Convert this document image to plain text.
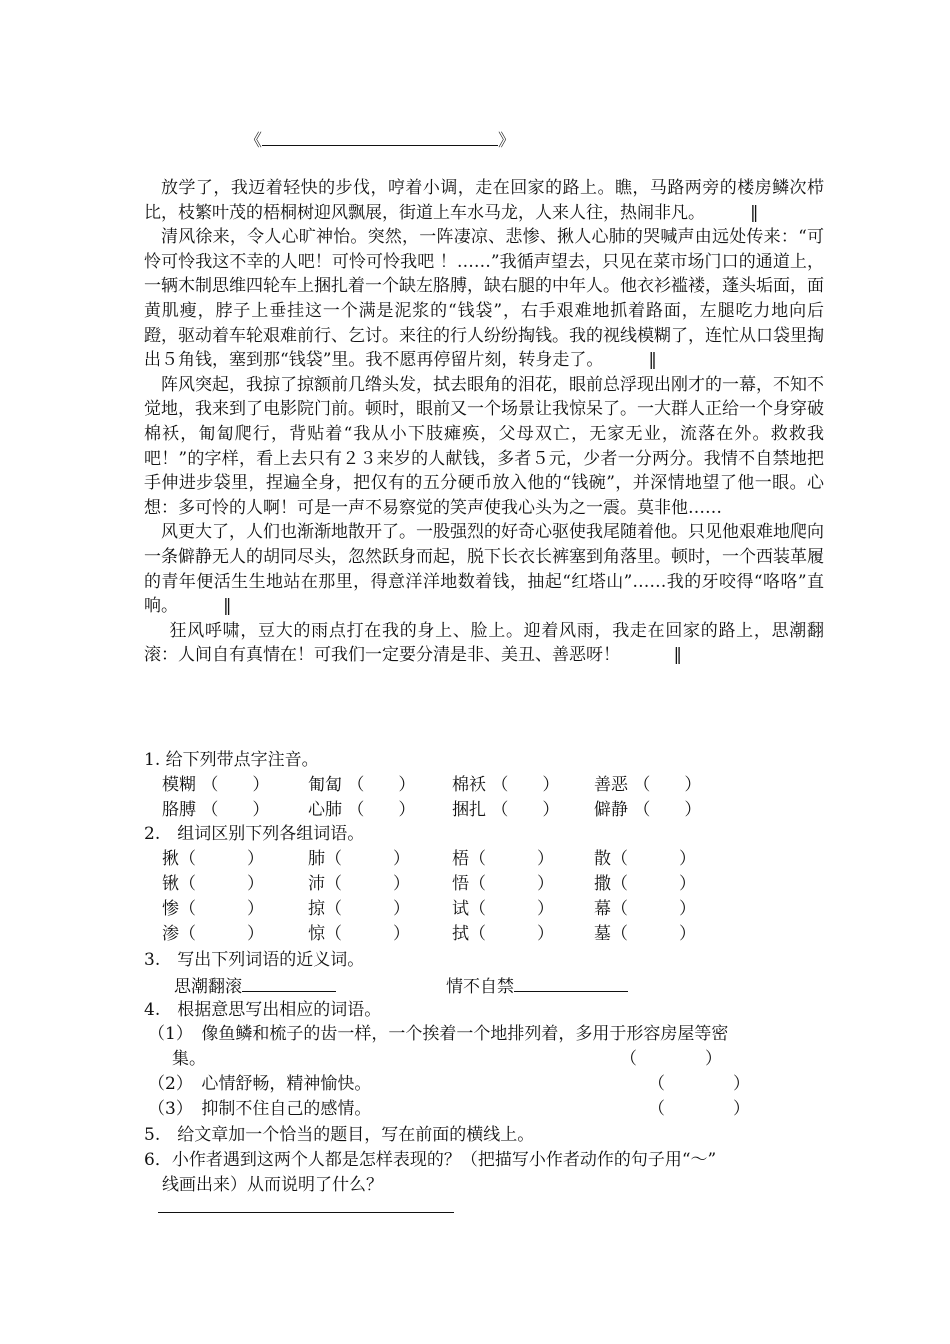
《	》

放学了，我迈着轻快的步伐，哼着小调，走在回家的路上。瞧，马路两旁的楼房鳞次栉比，枝繁叶茂的梧桐树迎风飘展，街道上车水马龙，人来人往，热闹非凡。	‖

清风徐来，令人心旷神怡。突然，一阵凄凉、悲惨、揪人心肺的哭喊声由远处传来：“可怜可怜我这不幸的人吧！可怜可怜我吧 ！……”我循声望去，只见在菜市场门口的通道上，一辆木制思维四轮车上捆扎着一个缺左胳膊，缺右腿的中年人。他衣衫褴褛，蓬头垢面，面黄肌瘦，脖子上垂挂这一个满是泥浆的“钱袋”，右手艰难地抓着路面，左腿吃力地向后蹬，驱动着车轮艰难前行、乞讨。来往的行人纷纷掏钱。我的视线模糊了，连忙从口袋里掏出５角钱，塞到那“钱袋”里。我不愿再停留片刻，转身走了。	‖

阵风突起，我掠了掠额前几绺头发，拭去眼角的泪花，眼前总浮现出刚才的一幕，不知不觉地，我来到了电影院门前。顿时，眼前又一个场景让我惊呆了。一大群人正给一个身穿破棉袄，匍匐爬行，背贴着“我从小下肢瘫痪，父母双亡，无家无业，流落在外。救救我吧！”的字样，看上去只有２３来岁的人献钱，多者５元，少者一分两分。我情不自禁地把手伸进步袋里，捏遍全身，把仅有的五分硬币放入他的“钱碗”，并深情地望了他一眼。心想：多可怜的人啊！可是一声不易察觉的笑声使我心头为之一震。莫非他……

风更大了，人们也渐渐地散开了。一股强烈的好奇心驱使我尾随着他。只见他艰难地爬向一条僻静无人的胡同尽头，忽然跃身而起，脱下长衣长裤塞到角落里。顿时，一个西装革履的青年便活生生地站在那里，得意洋洋地数着钱，抽起“红塔山”……我的牙咬得“咯咯”直响。	‖

狂风呼啸，豆大的雨点打在我的身上、脸上。迎着风雨，我走在回家的路上，思潮翻滚：人间自有真情在！可我们一定要分清是非、美丑、善恶呀！	‖

1. 给下列带点字注音。
模糊 （　　） 匍匐 （　　） 棉袄 （　　） 善恶 （　　）
胳膊 （　　） 心肺 （　　） 捆扎 （　　） 僻静 （　　）
2.　组词区别下列各组词语。
揪（　　　）	肺（　　　） 梧（　　　） 散（　　　）
锹（　　　）	沛（　　　） 悟（　　　） 撒（　　　）
惨（　　　）	掠（　　　） 试（　　　） 幕（　　　）
渗（　　　）	惊（　　　） 拭（　　　） 墓（　　　）
3.　写出下列词语的近义词。
思潮翻滚	情不自禁
4.　根据意思写出相应的词语。
（1）　像鱼鳞和梳子的齿一样，一个挨着一个地排列着，多用于形容房屋等密
集。	（　　　　）
（2）　心情舒畅，精神愉快。	（　　　　）
（3）　抑制不住自己的感情。	（　　　　）
5.　给文章加一个恰当的题目，写在前面的横线上。
6．小作者遇到这两个人都是怎样表现的？（把描写小作者动作的句子用“～”
线画出来）从而说明了什么？
